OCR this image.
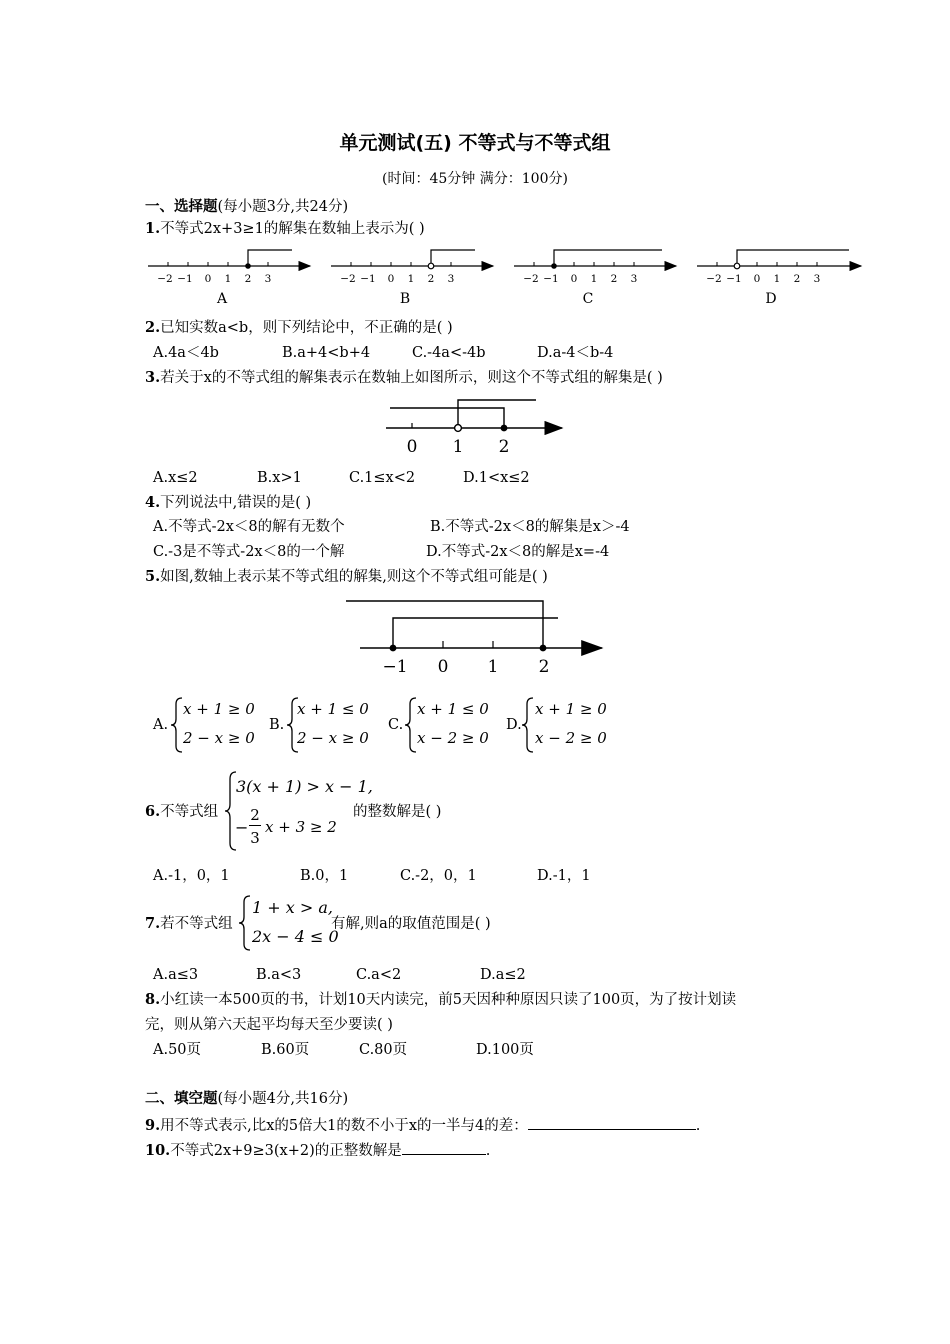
单元测试(五) 不等式与不等式组
(时间：45分钟 满分：100分)
一、选择题(每小题3分,共24分)
1.不等式2x+3≥1的解集在数轴上表示为( )
−2 −1 0 1 2 3
A
−2 −1 0 1 2 3
B
−2 −1 0 1 2 3
C
−2 −1 0 1 2 3
D
2.已知实数a<b，则下列结论中，不正确的是( )
A.4a＜4b	B.a+4<b+4	C.-4a<-4b	D.a-4＜b-4
3.若关于x的不等式组的解集表示在数轴上如图所示，则这个不等式组的解集是( )
0 1 2
A.x≤2	B.x>1	C.1≤x<2	D.1<x≤2
4.下列说法中,错误的是( )
A.不等式-2x＜8的解有无数个	B.不等式-2x＜8的解集是x＞-4
C.-3是不等式-2x＜8的一个解	D.不等式-2x＜8的解是x=-4
5.如图,数轴上表示某不等式组的解集,则这个不等式组可能是( )
−1 0 1 2
A.
x + 1 ≥ 0
2 − x ≥ 0
B.
x + 1 ≤ 0
2 − x ≥ 0
C.
x + 1 ≤ 0
x − 2 ≥ 0
D.
x + 1 ≥ 0
x − 2 ≥ 0
6.不等式组
3(x + 1) > x − 1,
−
2
3
x + 3 ≥ 2
的整数解是( )
A.-1，0，1	B.0，1	C.-2，0，1	D.-1，1
7.若不等式组
1 + x > a,
2x − 4 ≤ 0
有解,则a的取值范围是( )
A.a≤3	B.a<3	C.a<2	D.a≤2
8.小红读一本500页的书，计划10天内读完，前5天因种种原因只读了100页，为了按计划读
完，则从第六天起平均每天至少要读( )
A.50页	B.60页	C.80页	D.100页
二、填空题(每小题4分,共16分)
9.用不等式表示,比x的5倍大1的数不小于x的一半与4的差：	.
10.不等式2x+9≥3(x+2)的正整数解是	.
